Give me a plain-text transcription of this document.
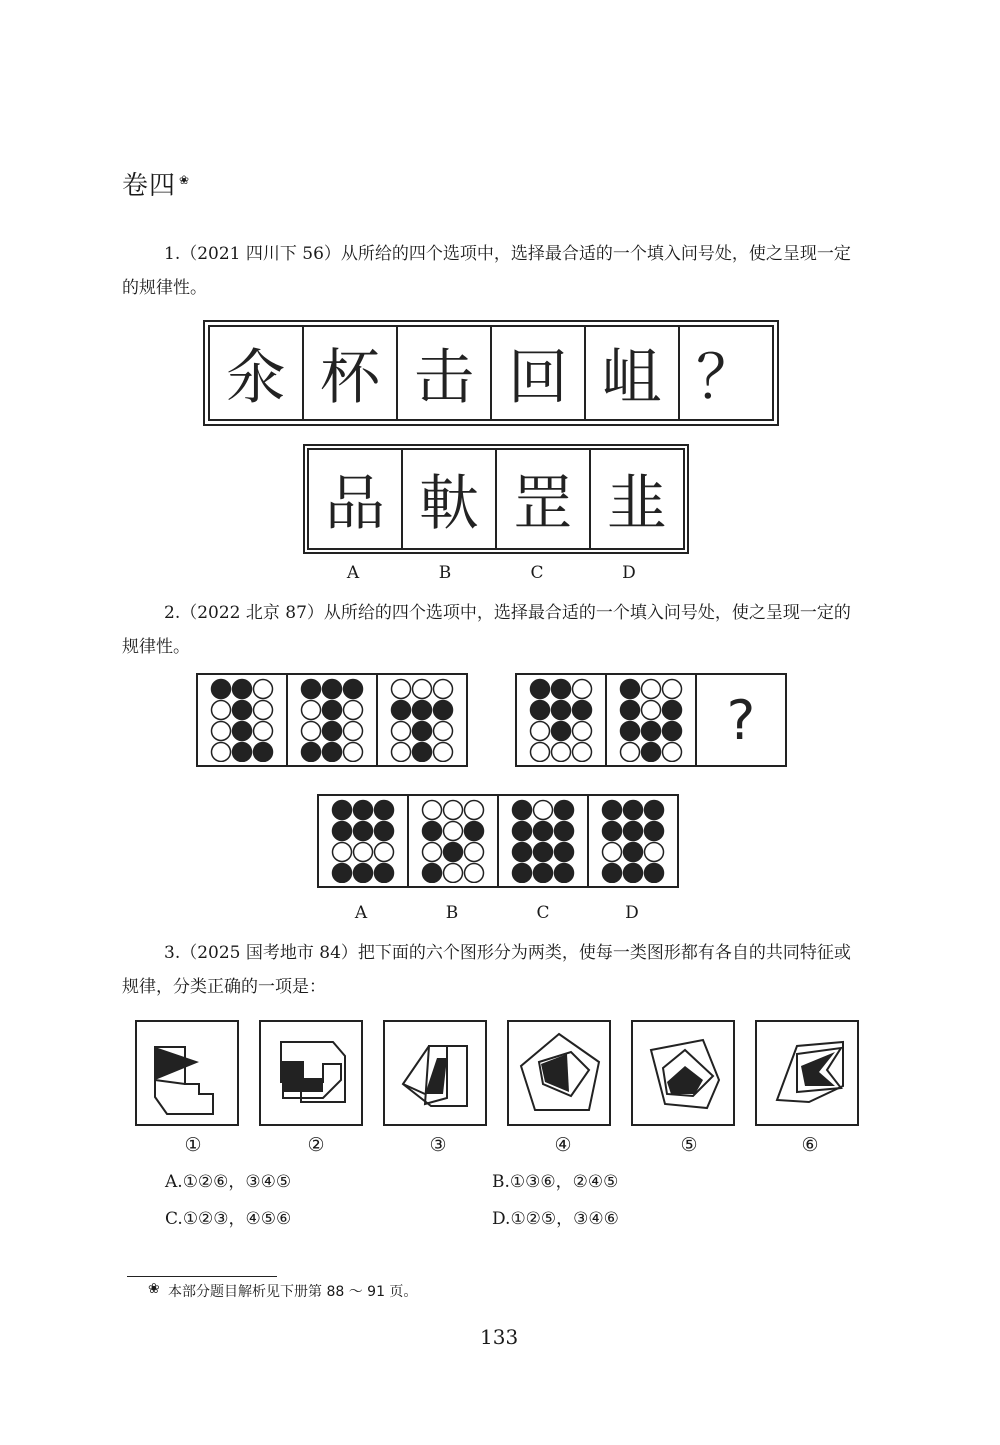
卷四 ❀
1.（2021 四川下 56）从所给的四个选项中，选择最合适的一个填入问号处，使之呈现一定的规律性。
氽 杯 击 回 岨 ？
品 軑 罡 韭
A	B	C	D
2.（2022 北京 87）从所给的四个选项中，选择最合适的一个填入问号处，使之呈现一定的规律性。
?
A	B	C	D
3.（2025 国考地市 84）把下面的六个图形分为两类，使每一类图形都有各自的共同特征或规律，分类正确的一项是：
①	②	③	④	⑤	⑥
A.①②⑥，③④⑤	B.①③⑥，②④⑤
C.①②③，④⑤⑥	D.①②⑤，③④⑥
❀ 本部分题目解析见下册第 88 ～ 91 页。
133
